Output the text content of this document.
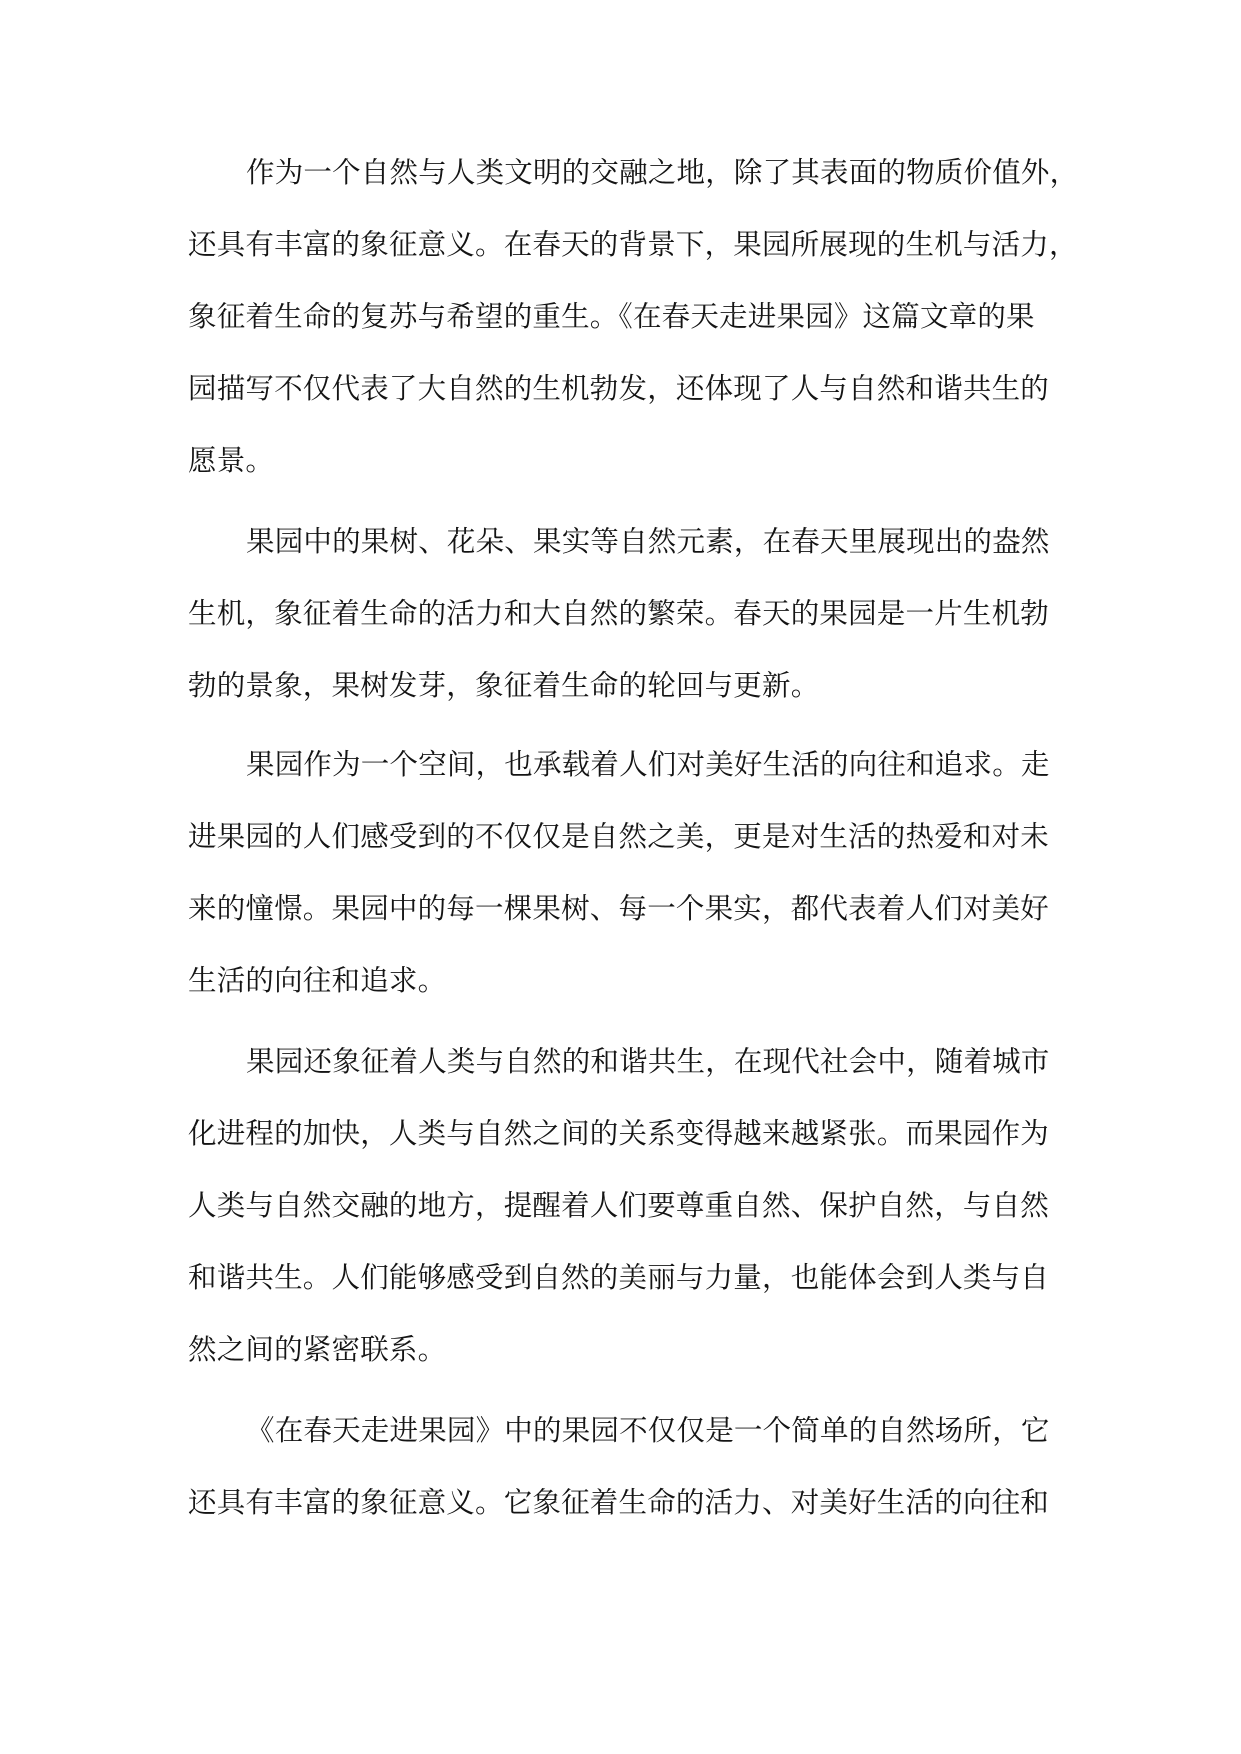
作为一个自然与人类文明的交融之地，除了其表面的物质价值外，
还具有丰富的象征意义。在春天的背景下，果园所展现的生机与活力，
象征着生命的复苏与希望的重生。《在春天走进果园》这篇文章的果
园描写不仅代表了大自然的生机勃发，还体现了人与自然和谐共生的
愿景。
果园中的果树、花朵、果实等自然元素，在春天里展现出的盎然
生机，象征着生命的活力和大自然的繁荣。春天的果园是一片生机勃
勃的景象，果树发芽，象征着生命的轮回与更新。
果园作为一个空间，也承载着人们对美好生活的向往和追求。走
进果园的人们感受到的不仅仅是自然之美，更是对生活的热爱和对未
来的憧憬。果园中的每一棵果树、每一个果实，都代表着人们对美好
生活的向往和追求。
果园还象征着人类与自然的和谐共生，在现代社会中，随着城市
化进程的加快，人类与自然之间的关系变得越来越紧张。而果园作为
人类与自然交融的地方，提醒着人们要尊重自然、保护自然，与自然
和谐共生。人们能够感受到自然的美丽与力量，也能体会到人类与自
然之间的紧密联系。
《在春天走进果园》中的果园不仅仅是一个简单的自然场所，它
还具有丰富的象征意义。它象征着生命的活力、对美好生活的向往和
